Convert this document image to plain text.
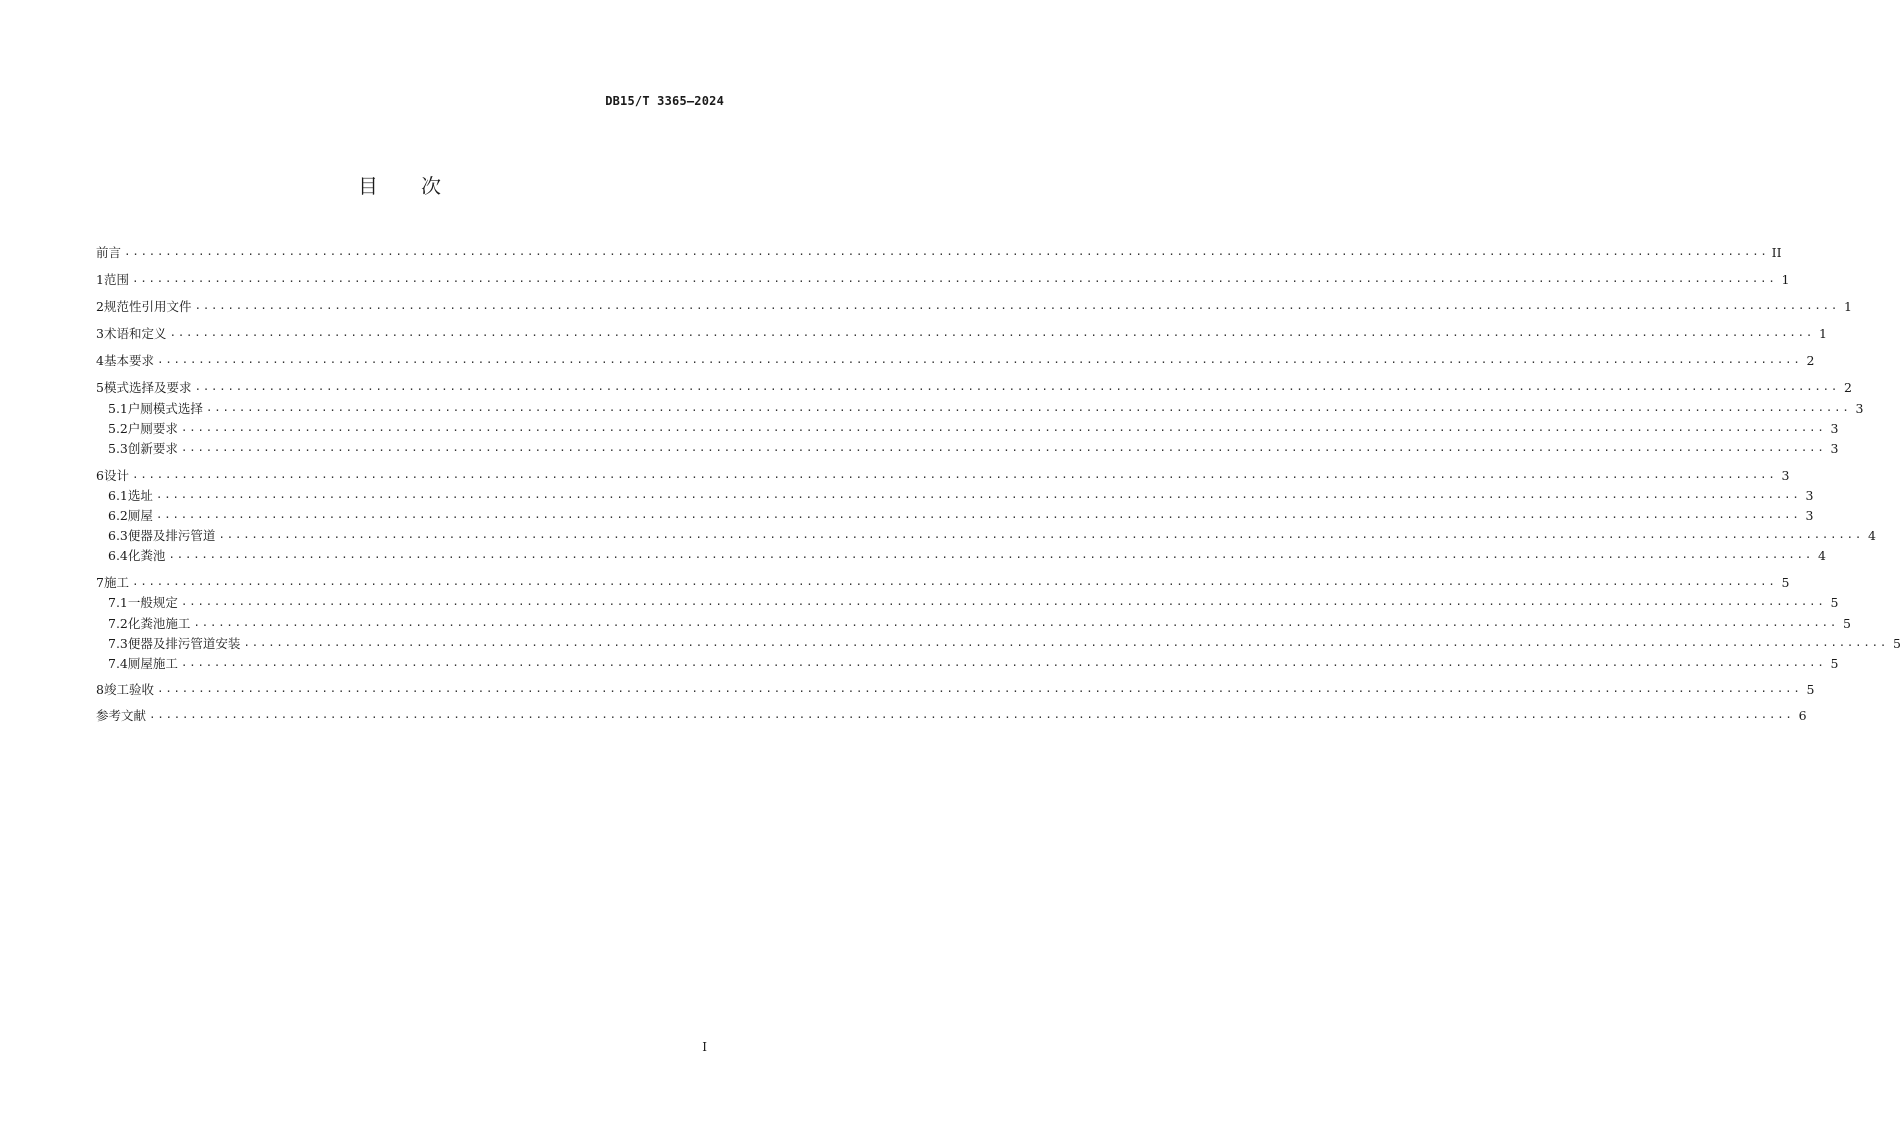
DB15/T 3365—2024
目 次
前言 ........................................................................................................................................................................................................ II
1 范围 ........................................................................................................................................................................................................ 1
2 规范性引用文件 ........................................................................................................................................................................................................ 1
3 术语和定义 ........................................................................................................................................................................................................ 1
4 基本要求 ........................................................................................................................................................................................................ 2
5 模式选择及要求 ........................................................................................................................................................................................................ 2
5.1 户厕模式选择 ........................................................................................................................................................................................................ 3
5.2 户厕要求 ........................................................................................................................................................................................................ 3
5.3 创新要求 ........................................................................................................................................................................................................ 3
6 设计 ........................................................................................................................................................................................................ 3
6.1 选址 ........................................................................................................................................................................................................ 3
6.2 厕屋 ........................................................................................................................................................................................................ 3
6.3 便器及排污管道 ........................................................................................................................................................................................................ 4
6.4 化粪池 ........................................................................................................................................................................................................ 4
7 施工 ........................................................................................................................................................................................................ 5
7.1 一般规定 ........................................................................................................................................................................................................ 5
7.2 化粪池施工 ........................................................................................................................................................................................................ 5
7.3 便器及排污管道安装 ........................................................................................................................................................................................................ 5
7.4 厕屋施工 ........................................................................................................................................................................................................ 5
8 竣工验收 ........................................................................................................................................................................................................ 5
参考文献 ........................................................................................................................................................................................................ 6
I
